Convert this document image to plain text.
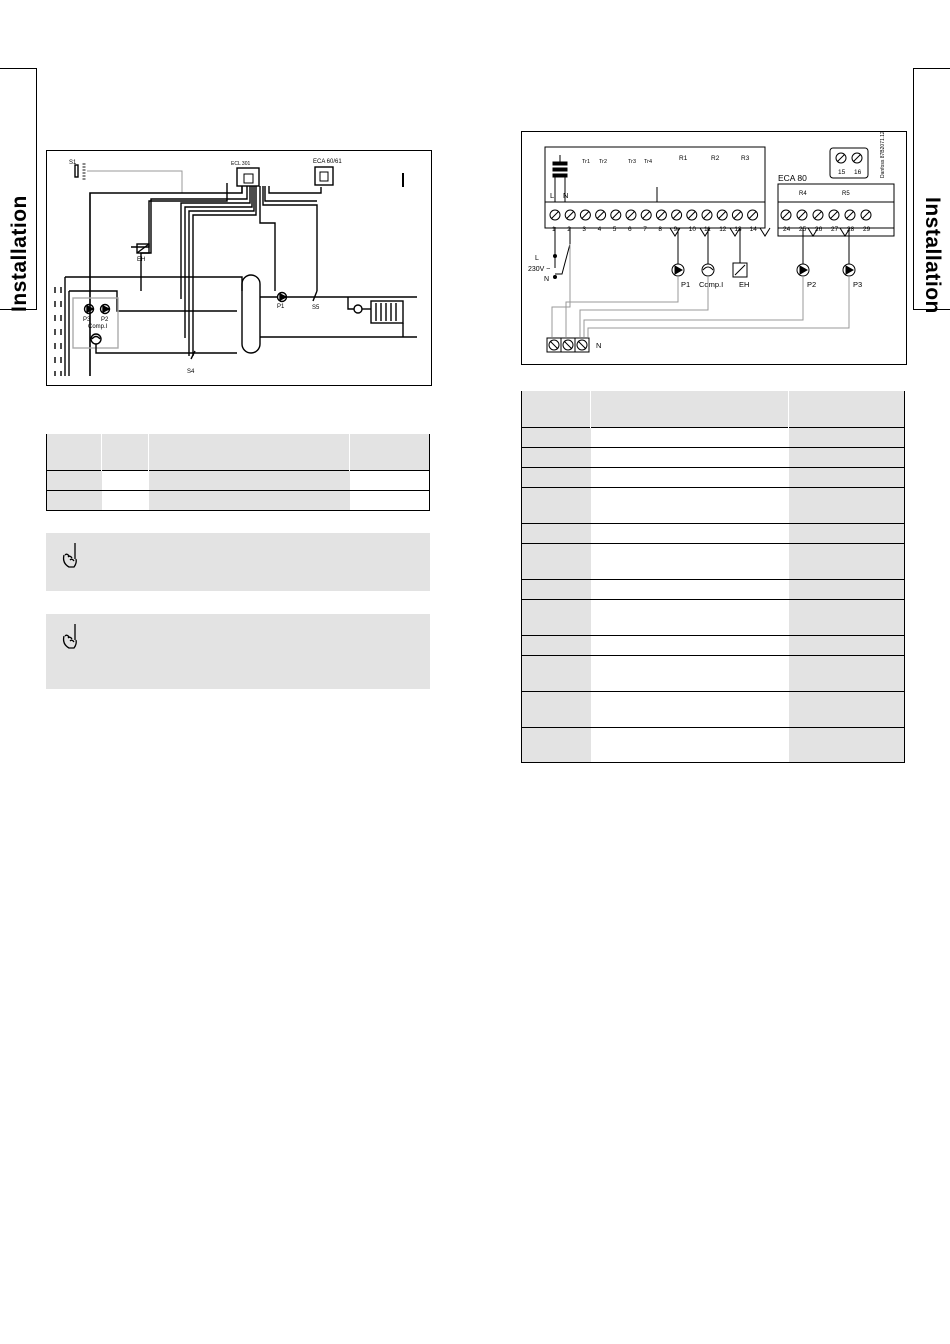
Installation	Installation
S1	ECL 301	ECA 60/61
EH
P3 P2
Comp.I
P1	S5
S4

1 2 3 4 5 6 7 8 9 10 11 12 13 14	24 25 26 27 28 29
15 16
L N
Tr1 Tr2	Tr3 Tr4	R1	R2	R3
R4	R5
ECA 80	Danfoss 87B2071.12
L
230V ~
N
P1 Comp.I EH	P2	P3
N
